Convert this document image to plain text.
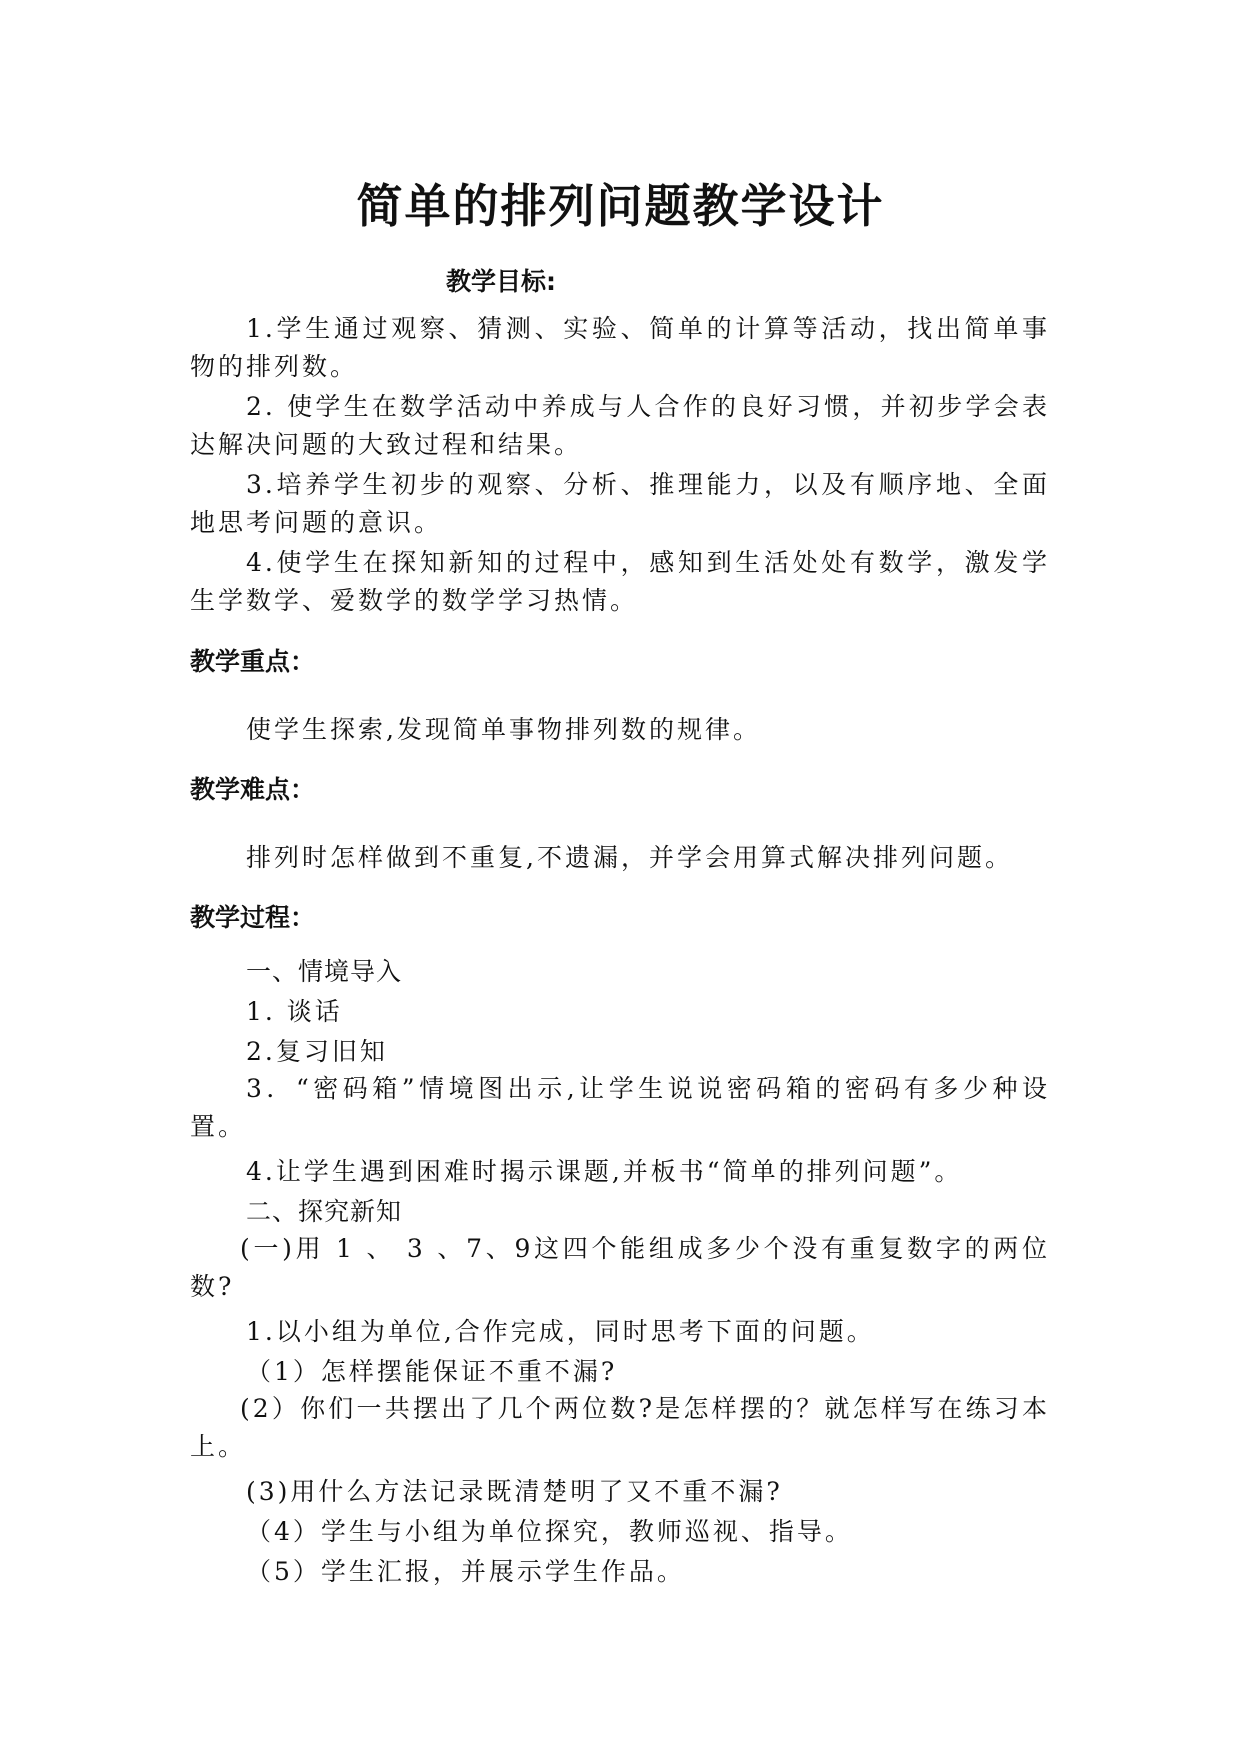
简单的排列问题教学设计
教学目标:
1.学生通过观察、猜测、实验、简单的计算等活动，找出简单事物的排列数。
2. 使学生在数学活动中养成与人合作的良好习惯，并初步学会表达解决问题的大致过程和结果。
3.培养学生初步的观察、分析、推理能力，以及有顺序地、全面地思考问题的意识。
4.使学生在探知新知的过程中，感知到生活处处有数学，激发学生学数学、爱数学的数学学习热情。
教学重点：
使学生探索,发现简单事物排列数的规律。
教学难点：
排列时怎样做到不重复,不遗漏，并学会用算式解决排列问题。
教学过程：
一、情境导入
1. 谈话
2.复习旧知
3．“密码箱”情境图出示,让学生说说密码箱的密码有多少种设置。
4.让学生遇到困难时揭示课题,并板书“简单的排列问题”。
二、探究新知
(一)用 1 、 3 、7、9这四个能组成多少个没有重复数字的两位数?
1.以小组为单位,合作完成，同时思考下面的问题。
（1）怎样摆能保证不重不漏?
(2）你们一共摆出了几个两位数?是怎样摆的？就怎样写在练习本上。
(3)用什么方法记录既清楚明了又不重不漏?
（4）学生与小组为单位探究，教师巡视、指导。
（5）学生汇报，并展示学生作品。
